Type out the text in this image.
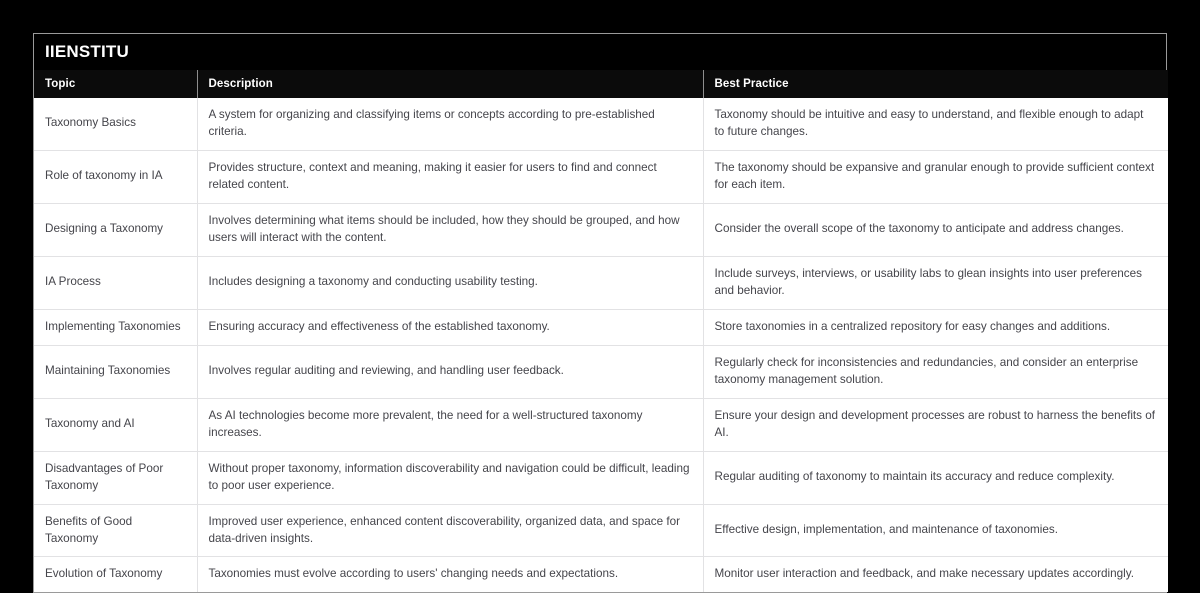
IIENSTITU
Topic	Description	Best Practice
Taxonomy Basics	A system for organizing and classifying items or concepts according to pre-established criteria.	Taxonomy should be intuitive and easy to understand, and flexible enough to adapt to future changes.
Role of taxonomy in IA	Provides structure, context and meaning, making it easier for users to find and connect related content.	The taxonomy should be expansive and granular enough to provide sufficient context for each item.
Designing a Taxonomy	Involves determining what items should be included, how they should be grouped, and how users will interact with the content.	Consider the overall scope of the taxonomy to anticipate and address changes.
IA Process	Includes designing a taxonomy and conducting usability testing.	Include surveys, interviews, or usability labs to glean insights into user preferences and behavior.
Implementing Taxonomies	Ensuring accuracy and effectiveness of the established taxonomy.	Store taxonomies in a centralized repository for easy changes and additions.
Maintaining Taxonomies	Involves regular auditing and reviewing, and handling user feedback.	Regularly check for inconsistencies and redundancies, and consider an enterprise taxonomy management solution.
Taxonomy and AI	As AI technologies become more prevalent, the need for a well-structured taxonomy increases.	Ensure your design and development processes are robust to harness the benefits of AI.
Disadvantages of Poor Taxonomy	Without proper taxonomy, information discoverability and navigation could be difficult, leading to poor user experience.	Regular auditing of taxonomy to maintain its accuracy and reduce complexity.
Benefits of Good Taxonomy	Improved user experience, enhanced content discoverability, organized data, and space for data-driven insights.	Effective design, implementation, and maintenance of taxonomies.
Evolution of Taxonomy	Taxonomies must evolve according to users' changing needs and expectations.	Monitor user interaction and feedback, and make necessary updates accordingly.
